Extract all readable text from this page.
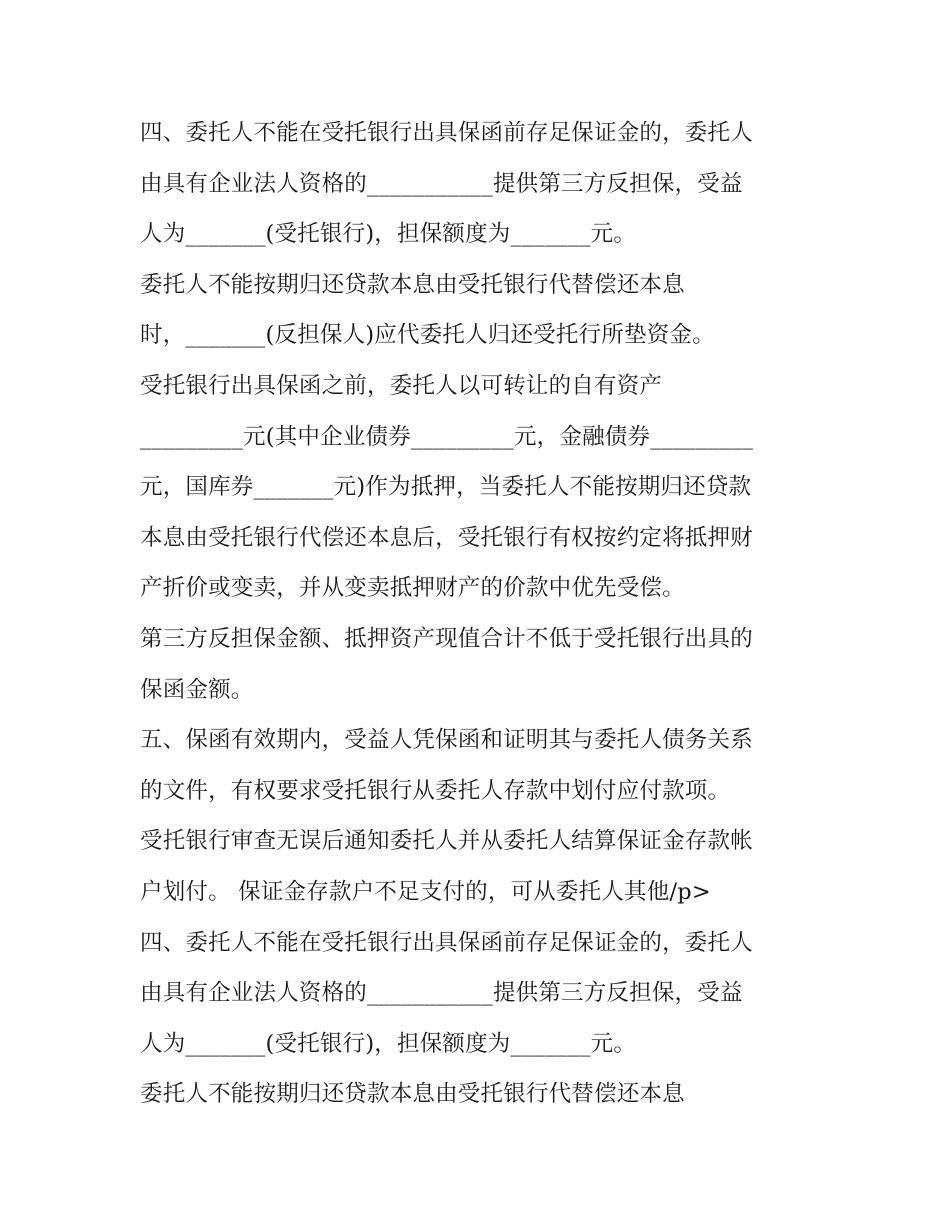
四、委托人不能在受托银行出具保函前存足保证金的，委托人
由具有企业法人资格的___________提供第三方反担保，受益
人为_______(受托银行)，担保额度为_______元。
委托人不能按期归还贷款本息由受托银行代替偿还本息
时，_______(反担保人)应代委托人归还受托行所垫资金。
受托银行出具保函之前，委托人以可转让的自有资产
_________元(其中企业债券_________元，金融债券_________
元，国库券_______元)作为抵押，当委托人不能按期归还贷款
本息由受托银行代偿还本息后，受托银行有权按约定将抵押财
产折价或变卖，并从变卖抵押财产的价款中优先受偿。
第三方反担保金额、抵押资产现值合计不低于受托银行出具的
保函金额。
五、保函有效期内，受益人凭保函和证明其与委托人债务关系
的文件，有权要求受托银行从委托人存款中划付应付款项。
受托银行审查无误后通知委托人并从委托人结算保证金存款帐
户划付。 保证金存款户不足支付的，可从委托人其他/p>
四、委托人不能在受托银行出具保函前存足保证金的，委托人
由具有企业法人资格的___________提供第三方反担保，受益
人为_______(受托银行)，担保额度为_______元。
委托人不能按期归还贷款本息由受托银行代替偿还本息
